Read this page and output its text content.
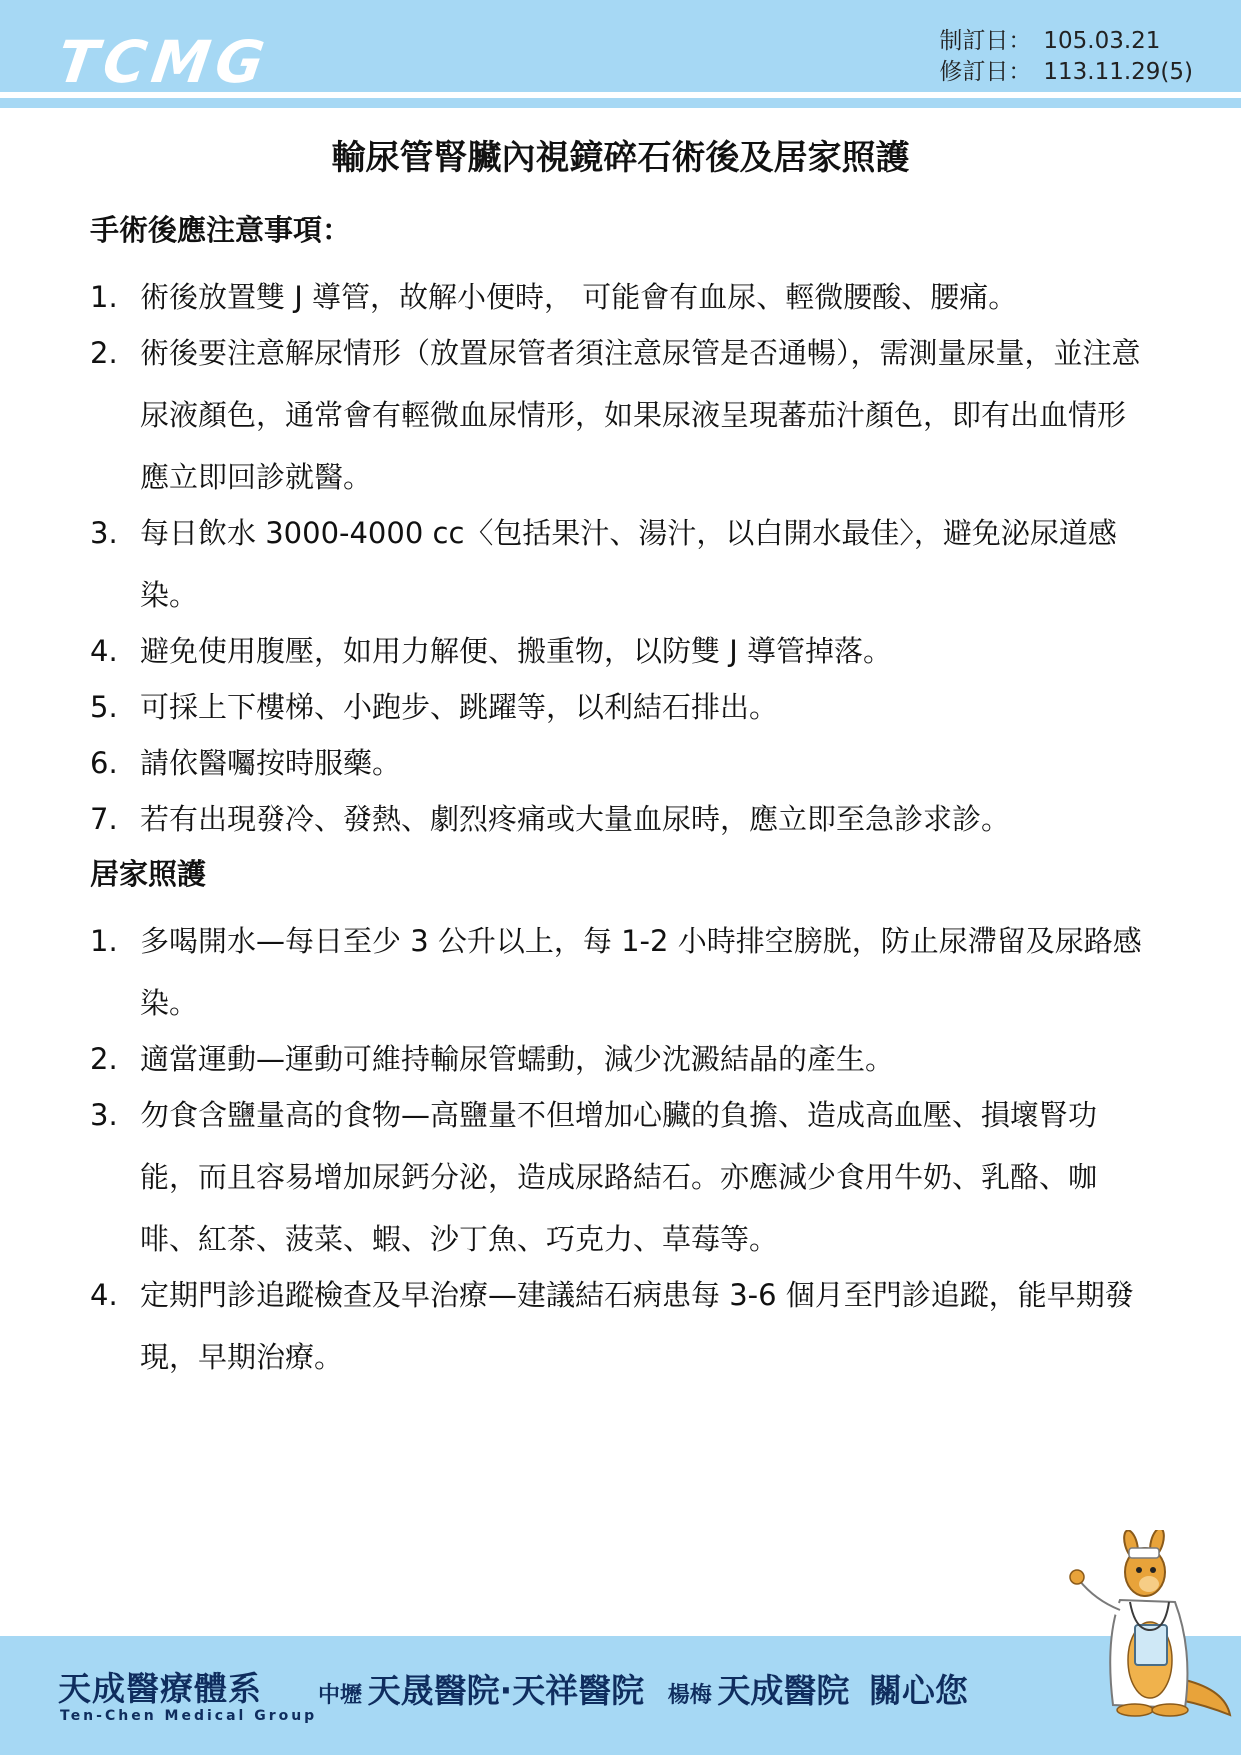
TCMG	制訂日： 105.03.21
修訂日： 113.11.29(5)
輸尿管腎臟內視鏡碎石術後及居家照護
手術後應注意事項：
1. 術後放置雙 J 導管，故解小便時， 可能會有血尿、輕微腰酸、腰痛。
2. 術後要注意解尿情形（放置尿管者須注意尿管是否通暢），需測量尿量，並注意尿液顏色，通常會有輕微血尿情形，如果尿液呈現蕃茄汁顏色，即有出血情形應立即回診就醫。
3. 每日飲水 3000-4000 cc〈包括果汁、湯汁，以白開水最佳〉，避免泌尿道感染。
4. 避免使用腹壓，如用力解便、搬重物，以防雙 J 導管掉落。
5. 可採上下樓梯、小跑步、跳躍等，以利結石排出。
6. 請依醫囑按時服藥。
7. 若有出現發冷、發熱、劇烈疼痛或大量血尿時，應立即至急診求診。
居家照護
1. 多喝開水—每日至少 3 公升以上，每 1-2 小時排空膀胱，防止尿滯留及尿路感染。
2. 適當運動—運動可維持輸尿管蠕動，減少沈澱結晶的產生。
3. 勿食含鹽量高的食物—高鹽量不但增加心臟的負擔、造成高血壓、損壞腎功能，而且容易增加尿鈣分泌，造成尿路結石。亦應減少食用牛奶、乳酪、咖啡、紅茶、菠菜、蝦、沙丁魚、巧克力、草莓等。
4. 定期門診追蹤檢查及早治療—建議結石病患每 3-6 個月至門診追蹤，能早期發現，早期治療。
天成醫療體系
Ten-Chen Medical Group
中壢 天晟醫院·天祥醫院 楊梅 天成醫院 關心您
